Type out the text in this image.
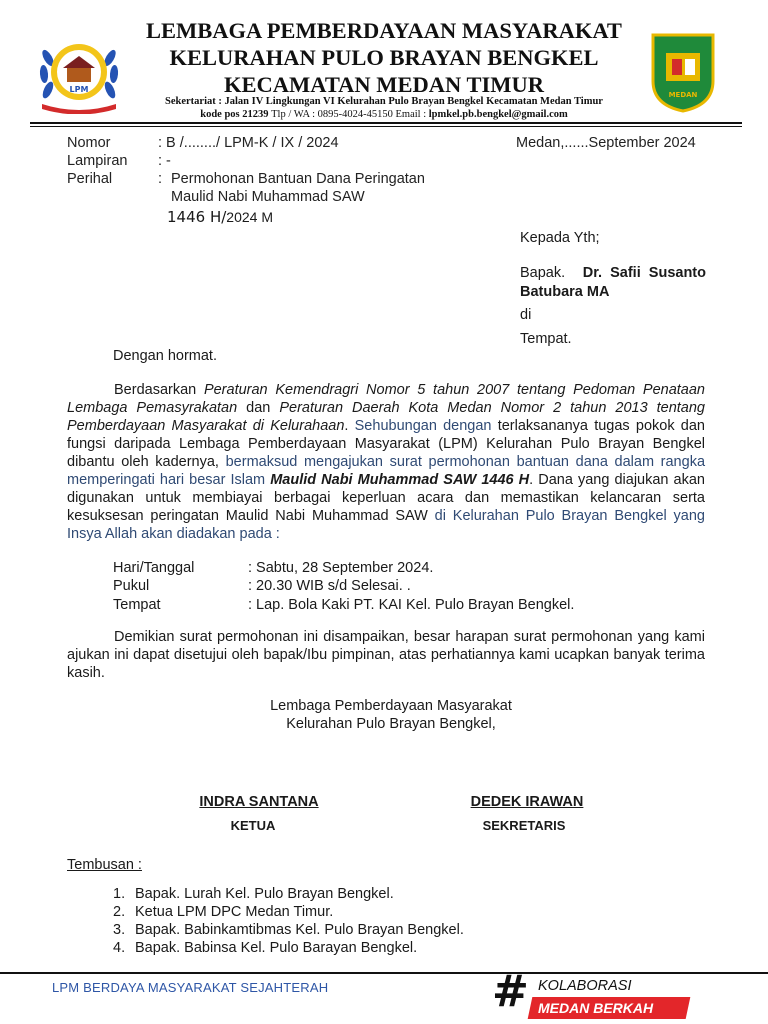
LPM
MEDAN
LEMBAGA PEMBERDAYAAN MASYARAKAT
KELURAHAN PULO BRAYAN BENGKEL
KECAMATAN MEDAN TIMUR
Sekertariat : Jalan IV Lingkungan VI Kelurahan Pulo Brayan Bengkel Kecamatan Medan Timur
kode pos 21239 Tlp / WA : 0895-4024-45150 Email : lpmkel.pb.bengkel@gmail.com
Nomor	: B /......../ LPM-K / IX / 2024
Lampiran : -
Perihal	: Permohonan Bantuan Dana Peringatan
Maulid Nabi Muhammad SAW
1446 H/2024 M
Medan,......September 2024
Kepada Yth;
Bapak. Dr.  Safii  Susanto
Batubara MA
di
Tempat.
Dengan hormat.
Berdasarkan Peraturan Kemendragri Nomor 5 tahun 2007 tentang Pedoman Penataan Lembaga Pemasyrakatan dan Peraturan Daerah Kota Medan Nomor 2 tahun 2013 tentang Pemberdayaan Masyarakat di Kelurahaan. Sehubungan dengan terlaksananya tugas pokok dan fungsi daripada Lembaga Pemberdayaan Masyarakat (LPM) Kelurahan Pulo Brayan Bengkel dibantu oleh kadernya, bermaksud mengajukan surat permohonan bantuan dana dalam rangka memperingati hari besar Islam Maulid Nabi Muhammad SAW 1446 H. Dana yang diajukan akan digunakan untuk membiayai berbagai keperluan acara dan memastikan kelancaran serta kesuksesan peringatan Maulid Nabi Muhammad SAW di Kelurahan Pulo Brayan Bengkel yang Insya Allah akan diadakan pada :
Hari/Tanggal	: Sabtu, 28 September 2024.
Pukul	: 20.30 WIB s/d Selesai. .
Tempat	: Lap. Bola Kaki PT. KAI Kel. Pulo Brayan Bengkel.
Demikian surat permohonan ini disampaikan, besar harapan surat permohonan yang kami ajukan ini dapat disetujui oleh bapak/Ibu pimpinan, atas perhatiannya kami ucapkan banyak terima kasih.
Lembaga Pemberdayaan Masyarakat
Kelurahan Pulo Brayan Bengkel,
INDRA SANTANA
KETUA
DEDEK IRAWAN
SEKRETARIS
Tembusan :
1. Bapak. Lurah Kel. Pulo Brayan Bengkel.
2. Ketua LPM DPC Medan Timur.
3. Bapak. Babinkamtibmas Kel. Pulo Brayan Bengkel.
4. Bapak. Babinsa Kel. Pulo Barayan Bengkel.
LPM BERDAYA MASYARAKAT SEJAHTERAH	# KOLABORASI
MEDAN BERKAH
